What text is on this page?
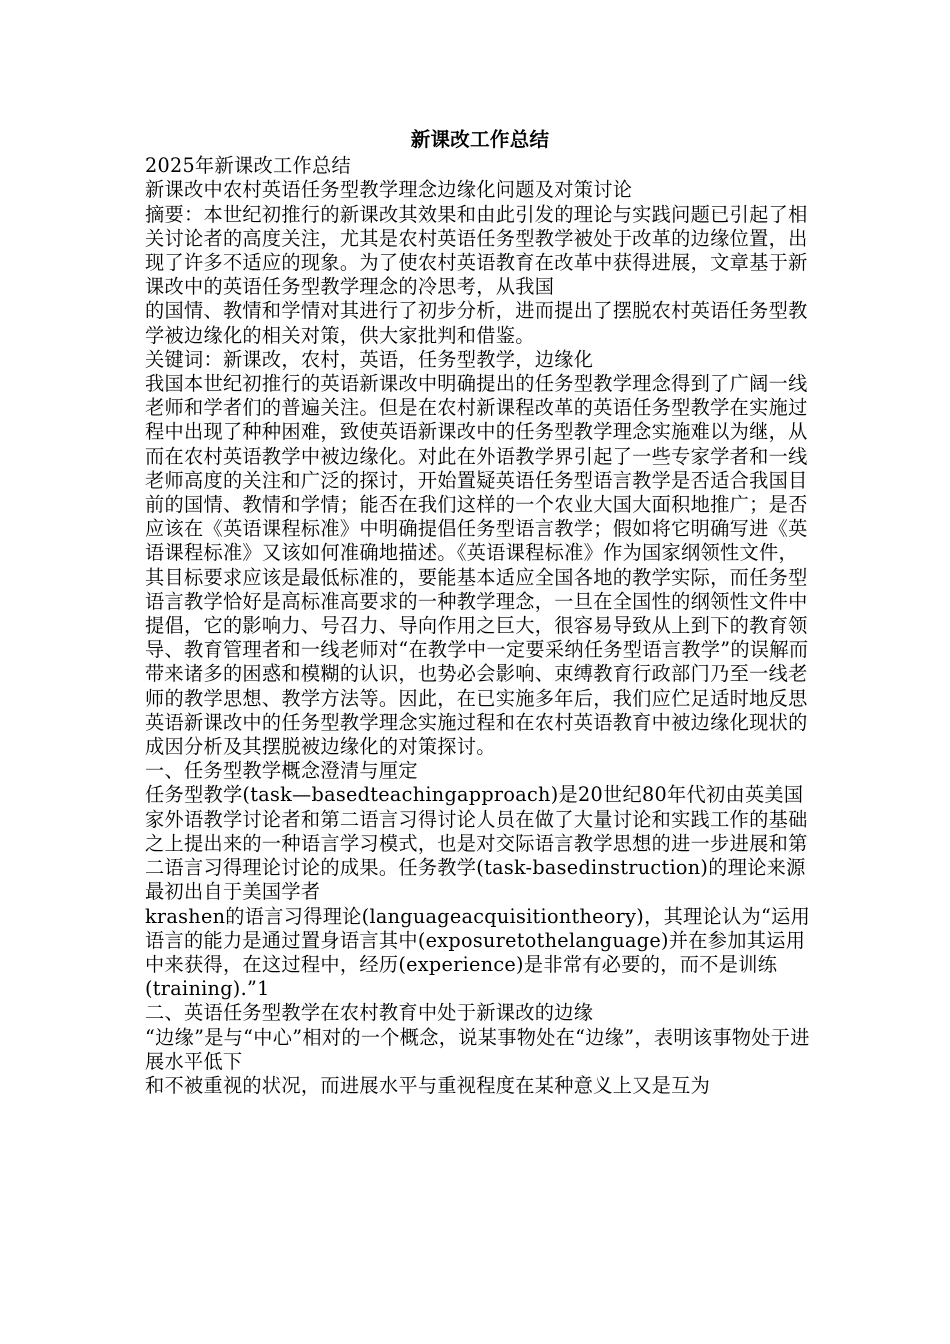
新课改工作总结

2025年新课改工作总结

新课改中农村英语任务型教学理念边缘化问题及对策讨论

摘要：本世纪初推行的新课改其效果和由此引发的理论与实践问题已引起了相关讨论者的高度关注，尤其是农村英语任务型教学被处于改革的边缘位置，出现了许多不适应的现象。为了使农村英语教育在改革中获得进展，文章基于新课改中的英语任务型教学理念的冷思考，从我国

的国情、教情和学情对其进行了初步分析，进而提出了摆脱农村英语任务型教学被边缘化的相关对策，供大家批判和借鉴。

关键词：新课改，农村，英语，任务型教学，边缘化

我国本世纪初推行的英语新课改中明确提出的任务型教学理念得到了广阔一线老师和学者们的普遍关注。但是在农村新课程改革的英语任务型教学在实施过程中出现了种种困难，致使英语新课改中的任务型教学理念实施难以为继，从而在农村英语教学中被边缘化。对此在外语教学界引起了一些专家学者和一线老师高度的关注和广泛的探讨，开始置疑英语任务型语言教学是否适合我国目前的国情、教情和学情；能否在我们这样的一个农业大国大面积地推广；是否应该在《英语课程标准》中明确提倡任务型语言教学；假如将它明确写进《英语课程标准》又该如何准确地描述。《英语课程标准》作为国家纲领性文件，其目标要求应该是最低标准的，要能基本适应全国各地的教学实际，而任务型语言教学恰好是高标准高要求的一种教学理念，一旦在全国性的纲领性文件中提倡，它的影响力、号召力、导向作用之巨大，很容易导致从上到下的教育领导、教育管理者和一线老师对“在教学中一定要采纳任务型语言教学”的误解而带来诸多的困惑和模糊的认识，也势必会影响、束缚教育行政部门乃至一线老师的教学思想、教学方法等。因此，在已实施多年后，我们应伫足适时地反思英语新课改中的任务型教学理念实施过程和在农村英语教育中被边缘化现状的成因分析及其摆脱被边缘化的对策探讨。

一、任务型教学概念澄清与厘定

任务型教学(task—basedteachingapproach)是20世纪80年代初由英美国家外语教学讨论者和第二语言习得讨论人员在做了大量讨论和实践工作的基础之上提出来的一种语言学习模式，也是对交际语言教学思想的进一步进展和第二语言习得理论讨论的成果。任务教学(task-basedinstruction)的理论来源最初出自于美国学者

krashen的语言习得理论(languageacquisitiontheory)，其理论认为“运用语言的能力是通过置身语言其中(exposuretothelanguage)并在参加其运用中来获得，在这过程中，经历(experience)是非常有必要的，而不是训练(training).”1

二、英语任务型教学在农村教育中处于新课改的边缘

“边缘”是与“中心”相对的一个概念，说某事物处在“边缘”，表明该事物处于进展水平低下

和不被重视的状况，而进展水平与重视程度在某种意义上又是互为
